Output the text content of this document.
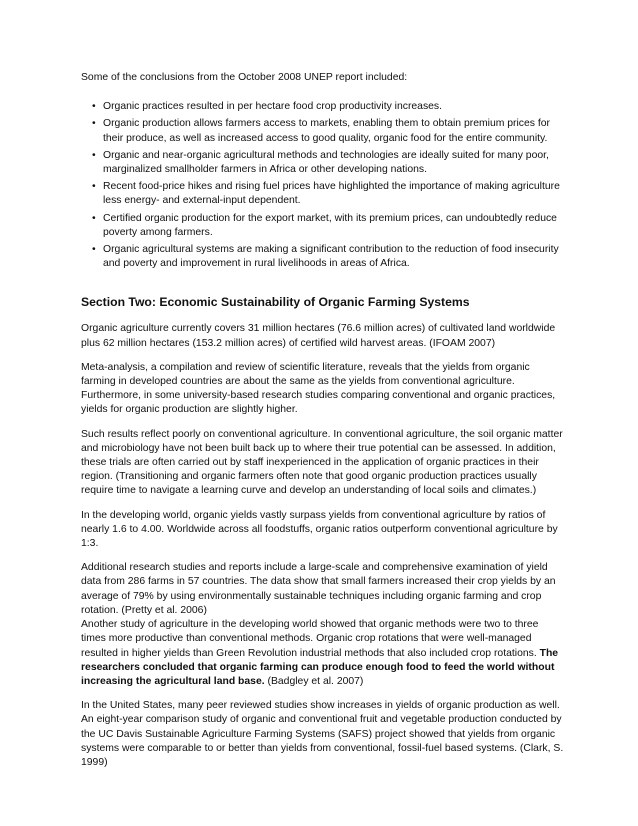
Some of the conclusions from the October 2008 UNEP report included:

• Organic practices resulted in per hectare food crop productivity increases.
• Organic production allows farmers access to markets, enabling them to obtain premium prices for their produce, as well as increased access to good quality, organic food for the entire community.
• Organic and near-organic agricultural methods and technologies are ideally suited for many poor, marginalized smallholder farmers in Africa or other developing nations.
• Recent food-price hikes and rising fuel prices have highlighted the importance of making agriculture less energy- and external-input dependent.
• Certified organic production for the export market, with its premium prices, can undoubtedly reduce poverty among farmers.
• Organic agricultural systems are making a significant contribution to the reduction of food insecurity and poverty and improvement in rural livelihoods in areas of Africa.
Section Two: Economic Sustainability of Organic Farming Systems

Organic agriculture currently covers 31 million hectares (76.6 million acres) of cultivated land worldwide plus 62 million hectares (153.2 million acres) of certified wild harvest areas. (IFOAM 2007)

Meta-analysis, a compilation and review of scientific literature, reveals that the yields from organic farming in developed countries are about the same as the yields from conventional agriculture. Furthermore, in some university-based research studies comparing conventional and organic practices, yields for organic production are slightly higher.

Such results reflect poorly on conventional agriculture. In conventional agriculture, the soil organic matter and microbiology have not been built back up to where their true potential can be assessed. In addition, these trials are often carried out by staff inexperienced in the application of organic practices in their region. (Transitioning and organic farmers often note that good organic production practices usually require time to navigate a learning curve and develop an understanding of local soils and climates.)

In the developing world, organic yields vastly surpass yields from conventional agriculture by ratios of nearly 1.6 to 4.00. Worldwide across all foodstuffs, organic ratios outperform conventional agriculture by 1:3.

Additional research studies and reports include a large-scale and comprehensive examination of yield data from 286 farms in 57 countries. The data show that small farmers increased their crop yields by an average of 79% by using environmentally sustainable techniques including organic farming and crop rotation. (Pretty et al. 2006)

Another study of agriculture in the developing world showed that organic methods were two to three times more productive than conventional methods. Organic crop rotations that were well-managed resulted in higher yields than Green Revolution industrial methods that also included crop rotations. The researchers concluded that organic farming can produce enough food to feed the world without increasing the agricultural land base. (Badgley et al. 2007)

In the United States, many peer reviewed studies show increases in yields of organic production as well. An eight-year comparison study of organic and conventional fruit and vegetable production conducted by the UC Davis Sustainable Agriculture Farming Systems (SAFS) project showed that yields from organic systems were comparable to or better than yields from conventional, fossil-fuel based systems. (Clark, S. 1999)
